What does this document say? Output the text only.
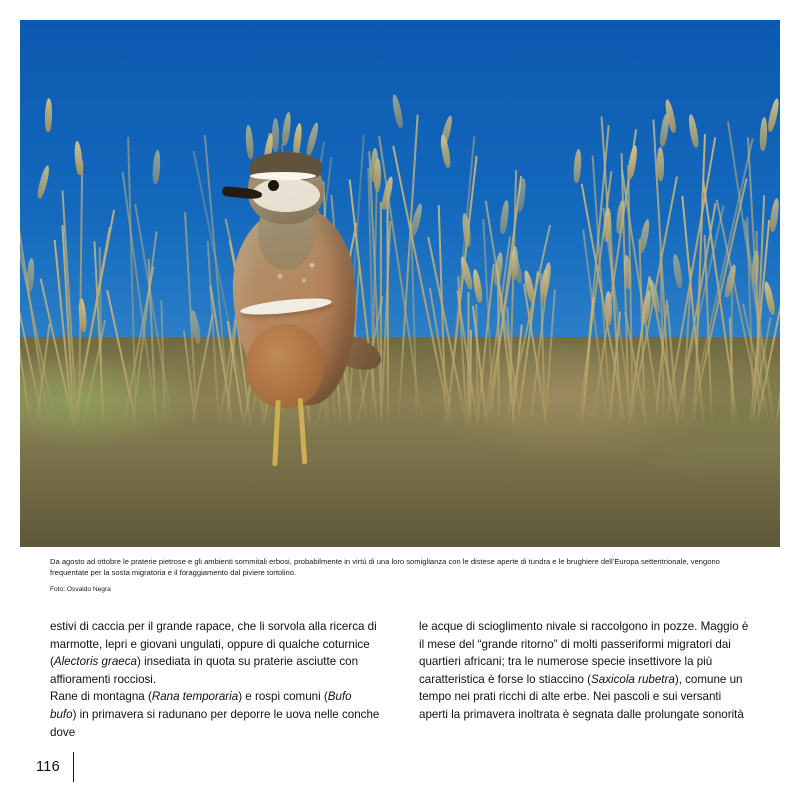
Da agosto ad ottobre le praterie pietrose e gli ambienti sommitali erbosi, probabilmente in virtù di una loro somiglianza con le distese aperte di tundra e le brughiere dell’Europa settentrionale, vengono frequentate per la sosta migratoria e il foraggiamento dal piviere tortolino.

Foto: Osvaldo Negra

estivi di caccia per il grande rapace, che li sorvola alla ricerca di marmotte, lepri e giovani ungulati, oppure di qualche coturnice (Alectoris graeca) insediata in quota su praterie asciutte con affioramenti rocciosi.

Rane di montagna (Rana temporaria) e rospi comuni (Bufo bufo) in primavera si radunano per deporre le uova nelle conche dove

le acque di scioglimento nivale si raccolgono in pozze. Maggio è il mese del “grande ritorno” di molti passeriformi migratori dai quartieri africani; tra le numerose specie insettivore la più caratteristica è forse lo stiaccino (Saxicola rubetra), comune un tempo nei prati ricchi di alte erbe. Nei pascoli e sui versanti aperti la primavera inoltrata è segnata dalle prolungate sonorità

116
